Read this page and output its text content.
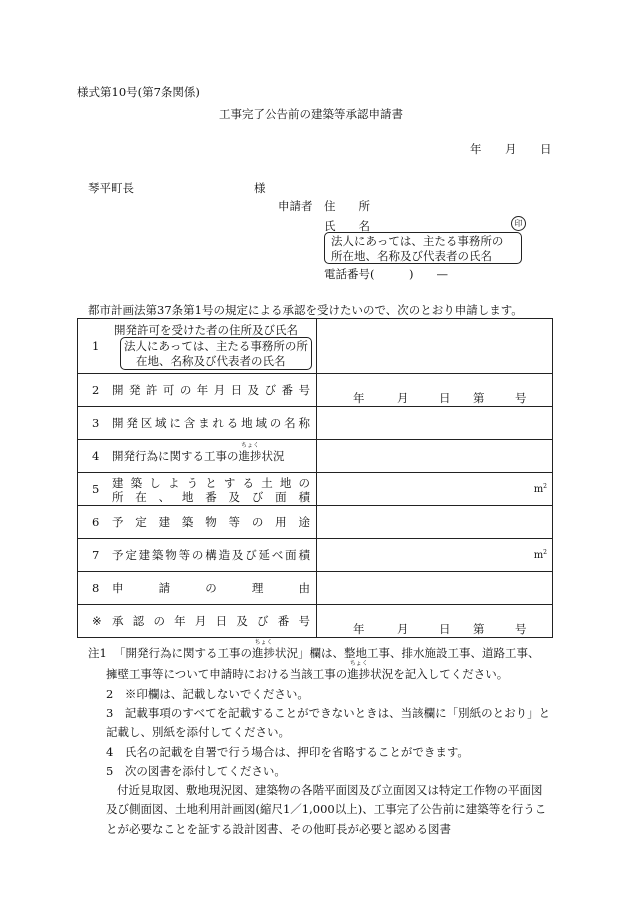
様式第10号(第7条関係)
工事完了公告前の建築等承認申請書
年 月 日
琴平町長	様
申請者 住　　所
氏　　名	印
法人にあっては、主たる事務所の
所在地、名称及び代表者の氏名
電話番号(　　　)　　—
都市計画法第37条第1号の規定による承認を受けたいので、次のとおり申請します。
1
開発許可を受けた者の住所及び氏名
法人にあっては、主たる事務所の所
在地、名称及び代表者の氏名	

2 開発許可の年月日及び番号	年 月 日 第 号

3 開発区域に含まれる地域の名称	

4 開発行為に関する工事の
ちょく
進捗状況	

5 建築しようとする土地の
所在、地番及び面積	$m^2$

6 予定建築物等の用途	

7 予定建築物等の構造及び延べ面積	$m^2$

8 申請の理由	

※ 承認の年月日及び番号	年 月 日 第 号
注1 「開発行為に関する工事の
ちょく
進捗状況」欄は、整地工事、排水施設工事、道路工事、
擁壁工事等について申請時における当該工事の
ちょく
進捗状況を記入してください。
2　※印欄は、記載しないでください。
3　記載事項のすべてを記載することができないときは、当該欄に「別紙のとおり」と
記載し、別紙を添付してください。
4　氏名の記載を自署で行う場合は、押印を省略することができます。
5　次の図書を添付してください。
付近見取図、敷地現況図、建築物の各階平面図及び立面図又は特定工作物の平面図
及び側面図、土地利用計画図(縮尺1／1,000以上)、工事完了公告前に建築等を行うこ
とが必要なことを証する設計図書、その他町長が必要と認める図書
